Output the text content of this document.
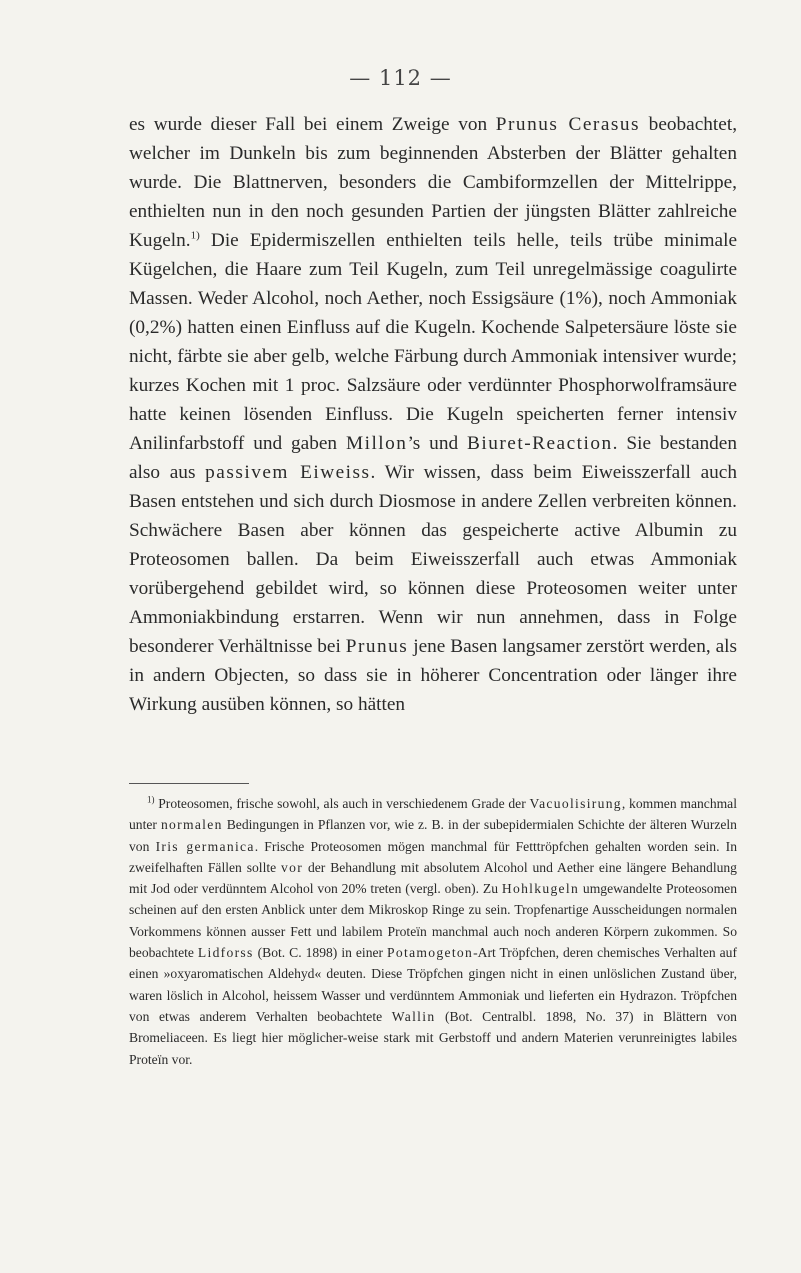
— 112 —

es wurde dieser Fall bei einem Zweige von Prunus Cerasus beobachtet, welcher im Dunkeln bis zum beginnenden Absterben der Blätter gehalten wurde. Die Blattnerven, besonders die Cambiformzellen der Mittelrippe, enthielten nun in den noch gesunden Partien der jüngsten Blätter zahlreiche Kugeln.$^{1)}$ Die Epidermiszellen enthielten teils helle, teils trübe minimale Kügelchen, die Haare zum Teil Kugeln, zum Teil unregelmässige coagulirte Massen. Weder Alcohol, noch Aether, noch Essigsäure (1%), noch Ammoniak (0,2%) hatten einen Einfluss auf die Kugeln. Kochende Salpetersäure löste sie nicht, färbte sie aber gelb, welche Färbung durch Ammoniak intensiver wurde; kurzes Kochen mit 1 proc. Salzsäure oder verdünnter Phosphorwolframsäure hatte keinen lösenden Einfluss. Die Kugeln speicherten ferner intensiv Anilinfarbstoff und gaben Millon’s und Biuret-Reaction. Sie bestanden also aus passivem Eiweiss. Wir wissen, dass beim Eiweisszerfall auch Basen entstehen und sich durch Diosmose in andere Zellen verbreiten können. Schwächere Basen aber können das gespeicherte active Albumin zu Proteosomen ballen. Da beim Eiweisszerfall auch etwas Ammoniak vorübergehend gebildet wird, so können diese Proteosomen weiter unter Ammoniakbindung erstarren. Wenn wir nun annehmen, dass in Folge besonderer Verhältnisse bei Prunus jene Basen langsamer zerstört werden, als in andern Objecten, so dass sie in höherer Concentration oder länger ihre Wirkung ausüben können, so hätten

$^{1)}$ Proteosomen, frische sowohl, als auch in verschiedenem Grade der Vacuolisirung, kommen manchmal unter normalen Bedingungen in Pflanzen vor, wie z. B. in der subepidermialen Schichte der älteren Wurzeln von Iris germanica. Frische Proteosomen mögen manchmal für Fetttröpfchen gehalten worden sein. In zweifelhaften Fällen sollte vor der Behandlung mit absolutem Alcohol und Aether eine längere Behandlung mit Jod oder verdünntem Alcohol von 20% treten (vergl. oben). Zu Hohlkugeln umgewandelte Proteosomen scheinen auf den ersten Anblick unter dem Mikroskop Ringe zu sein. Tropfenartige Ausscheidungen normalen Vorkommens können ausser Fett und labilem Proteïn manchmal auch noch anderen Körpern zukommen. So beobachtete Lidforss (Bot. C. 1898) in einer Potamogeton-Art Tröpfchen, deren chemisches Verhalten auf einen »oxyaromatischen Aldehyd« deuten. Diese Tröpfchen gingen nicht in einen unlöslichen Zustand über, waren löslich in Alcohol, heissem Wasser und verdünntem Ammoniak und lieferten ein Hydrazon. Tröpfchen von etwas anderem Verhalten beobachtete Wallin (Bot. Centralbl. 1898, No. 37) in Blättern von Bromeliaceen. Es liegt hier möglicher-weise stark mit Gerbstoff und andern Materien verunreinigtes labiles Proteïn vor.
